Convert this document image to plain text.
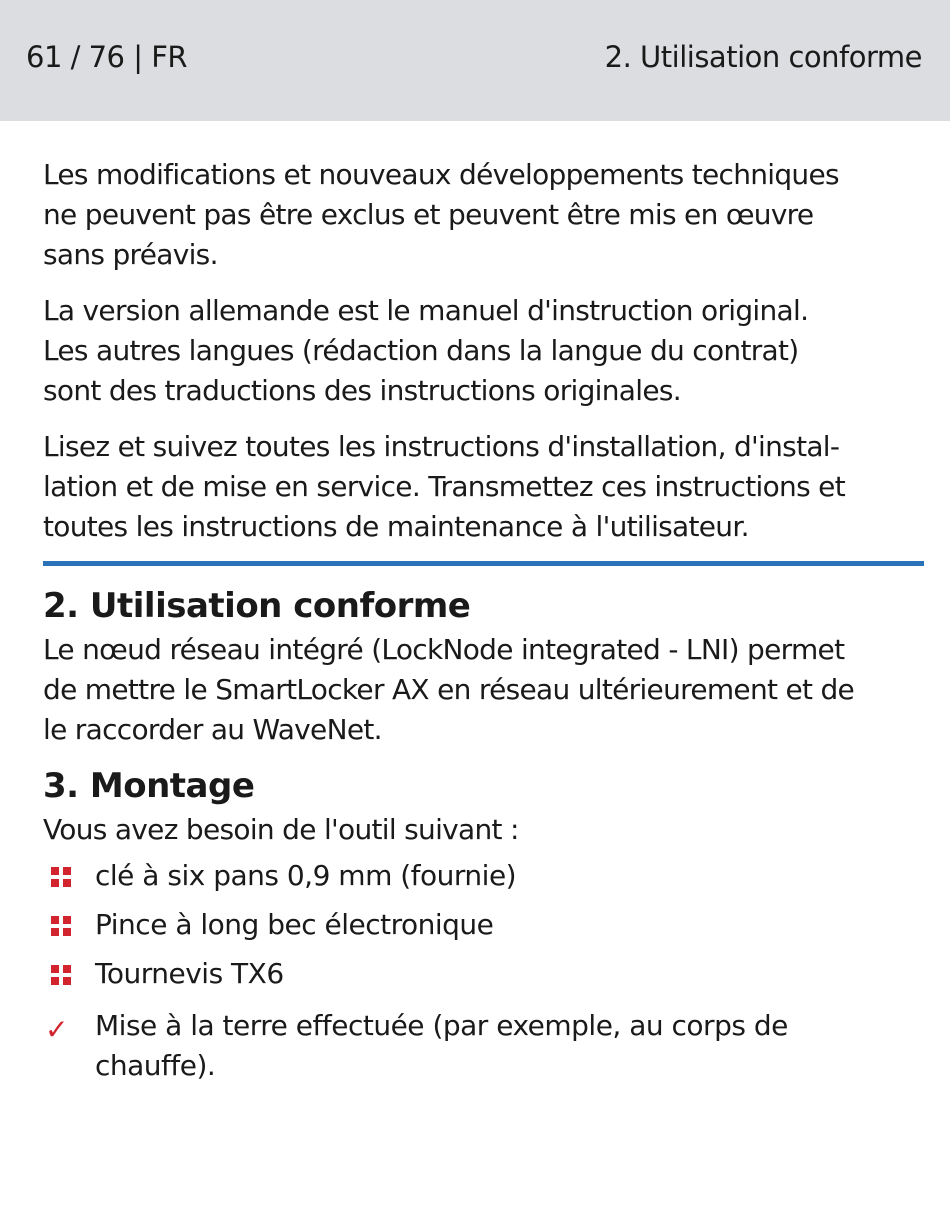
61 / 76 | FR	2. Utilisation conforme

Les modifications et nouveaux développements techniques
ne peuvent pas être exclus et peuvent être mis en œuvre
sans préavis.

La version allemande est le manuel d'instruction original.
Les autres langues (rédaction dans la langue du contrat)
sont des traductions des instructions originales.

Lisez et suivez toutes les instructions d'installation, d'instal-
lation et de mise en service. Transmettez ces instructions et
toutes les instructions de maintenance à l'utilisateur.

2. Utilisation conforme

Le nœud réseau intégré (LockNode integrated - LNI) permet
de mettre le SmartLocker AX en réseau ultérieurement et de
le raccorder au WaveNet.

3. Montage

Vous avez besoin de l'outil suivant :

clé à six pans 0,9 mm (fournie)
Pince à long bec électronique
Tournevis TX6
✓ Mise à la terre effectuée (par exemple, au corps de
chauffe).
